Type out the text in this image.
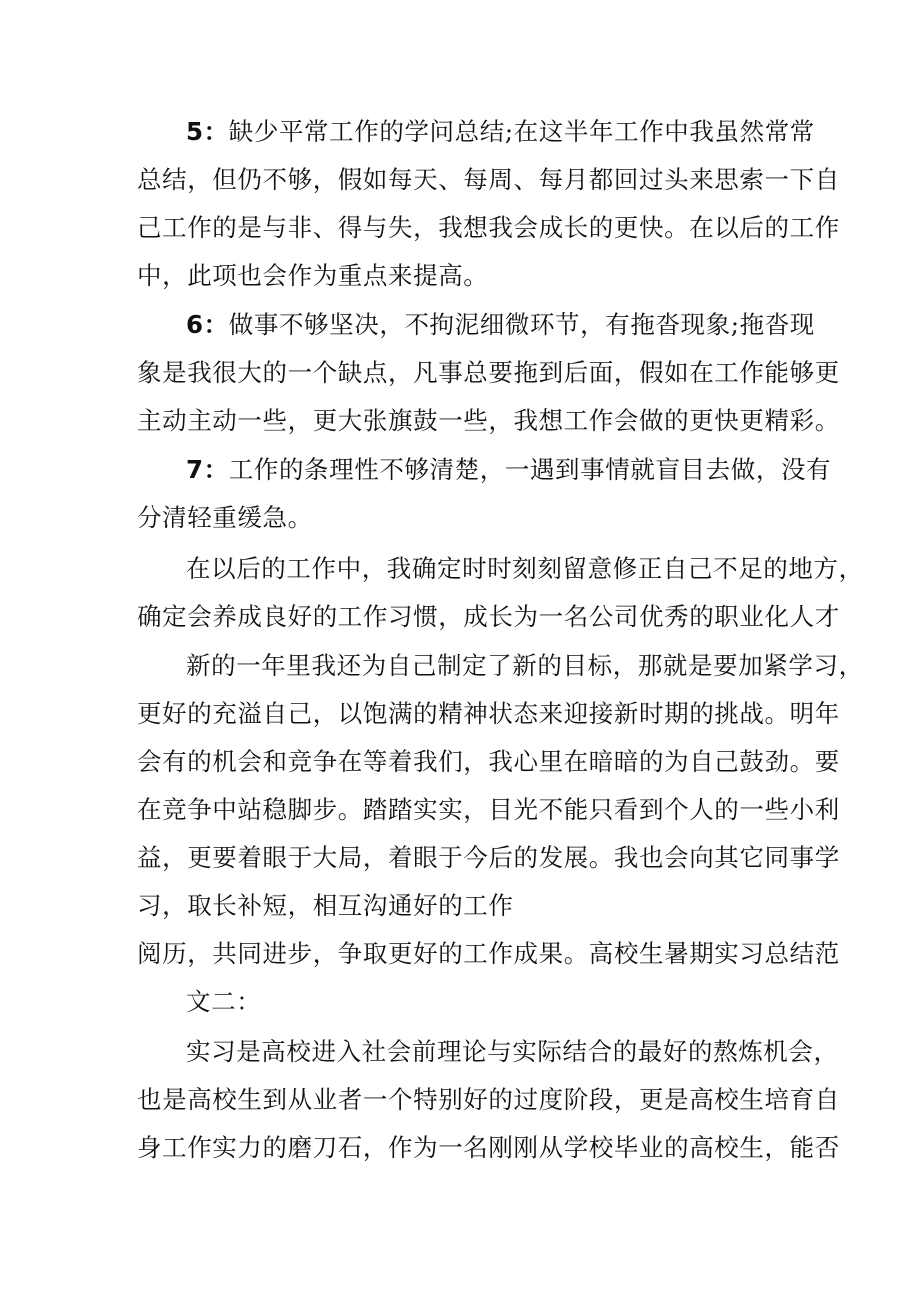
5：缺少平常工作的学问总结;在这半年工作中我虽然常常
总结，但仍不够，假如每天、每周、每月都回过头来思索一下自
己工作的是与非、得与失，我想我会成长的更快。在以后的工作
中，此项也会作为重点来提高。
6：做事不够坚决，不拘泥细微环节，有拖沓现象;拖沓现
象是我很大的一个缺点，凡事总要拖到后面，假如在工作能够更
主动主动一些，更大张旗鼓一些，我想工作会做的更快更精彩。
7：工作的条理性不够清楚，一遇到事情就盲目去做，没有
分清轻重缓急。
在以后的工作中，我确定时时刻刻留意修正自己不足的地方，
确定会养成良好的工作习惯，成长为一名公司优秀的职业化人才
新的一年里我还为自己制定了新的目标，那就是要加紧学习，
更好的充溢自己，以饱满的精神状态来迎接新时期的挑战。明年
会有的机会和竞争在等着我们，我心里在暗暗的为自己鼓劲。要
在竞争中站稳脚步。踏踏实实，目光不能只看到个人的一些小利
益，更要着眼于大局，着眼于今后的发展。我也会向其它同事学
习，取长补短，相互沟通好的工作
阅历，共同进步，争取更好的工作成果。高校生暑期实习总结范
文二：
实习是高校进入社会前理论与实际结合的最好的熬炼机会，
也是高校生到从业者一个特别好的过度阶段，更是高校生培育自
身工作实力的磨刀石，作为一名刚刚从学校毕业的高校生，能否
